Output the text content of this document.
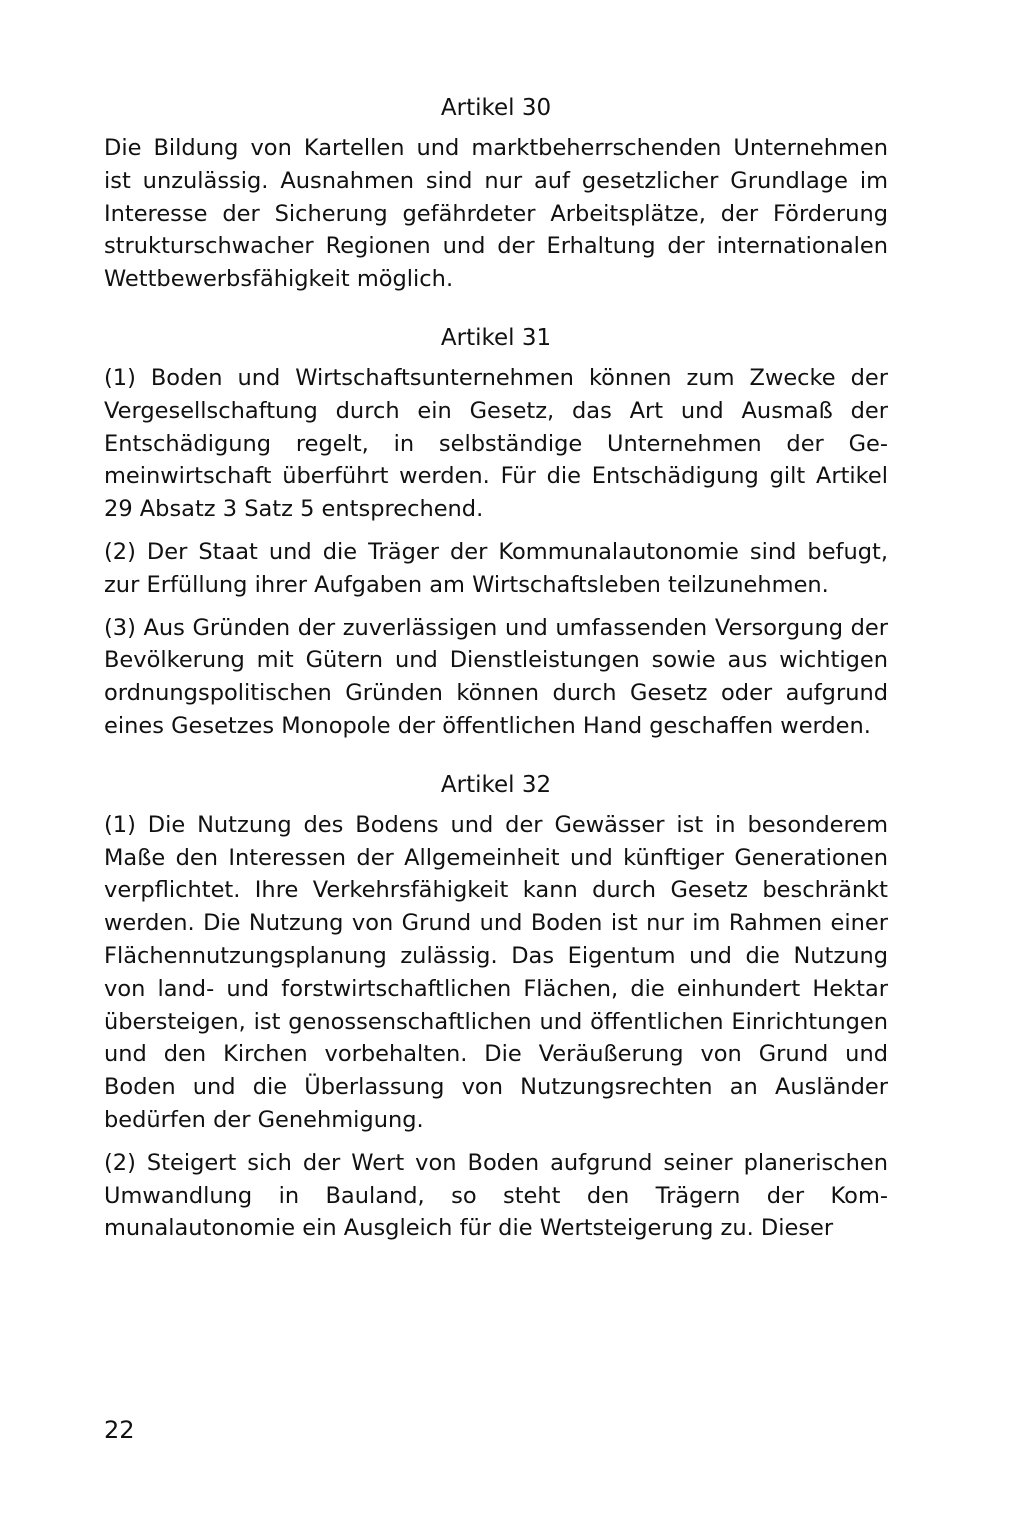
Artikel 30

Die Bildung von Kartellen und marktbeherrschenden Unternehmen ist unzulässig. Ausnahmen sind nur auf gesetzlicher Grundlage im Interesse der Sicherung gefährdeter Arbeitsplätze, der Förderung strukturschwacher Regionen und der Erhaltung der internationalen Wettbewerbsfähigkeit möglich.

Artikel 31

(1) Boden und Wirtschaftsunternehmen können zum Zwecke der Vergesellschaftung durch ein Gesetz, das Art und Ausmaß der Entschädigung regelt, in selbständige Unternehmen der Gemeinwirtschaft überführt werden. Für die Entschädigung gilt Artikel 29 Absatz 3 Satz 5 entsprechend.

(2) Der Staat und die Träger der Kommunalautonomie sind befugt, zur Erfüllung ihrer Aufgaben am Wirtschaftsleben teilzunehmen.

(3) Aus Gründen der zuverlässigen und umfassenden Versorgung der Bevölkerung mit Gütern und Dienstleistungen sowie aus wichtigen ordnungspolitischen Gründen können durch Gesetz oder aufgrund eines Gesetzes Monopole der öffentlichen Hand geschaffen werden.

Artikel 32

(1) Die Nutzung des Bodens und der Gewässer ist in besonderem Maße den Interessen der Allgemeinheit und künftiger Generationen verpflichtet. Ihre Verkehrsfähigkeit kann durch Gesetz beschränkt werden. Die Nutzung von Grund und Boden ist nur im Rahmen einer Flächennutzungsplanung zulässig. Das Eigentum und die Nutzung von land- und forstwirtschaftlichen Flächen, die einhundert Hektar übersteigen, ist genossenschaftlichen und öffentlichen Einrichtungen und den Kirchen vorbehalten. Die Veräußerung von Grund und Boden und die Überlassung von Nutzungsrechten an Ausländer bedürfen der Genehmigung.

(2) Steigert sich der Wert von Boden aufgrund seiner planerischen Umwandlung in Bauland, so steht den Trägern der Kommunalautonomie ein Ausgleich für die Wertsteigerung zu. Dieser

22
